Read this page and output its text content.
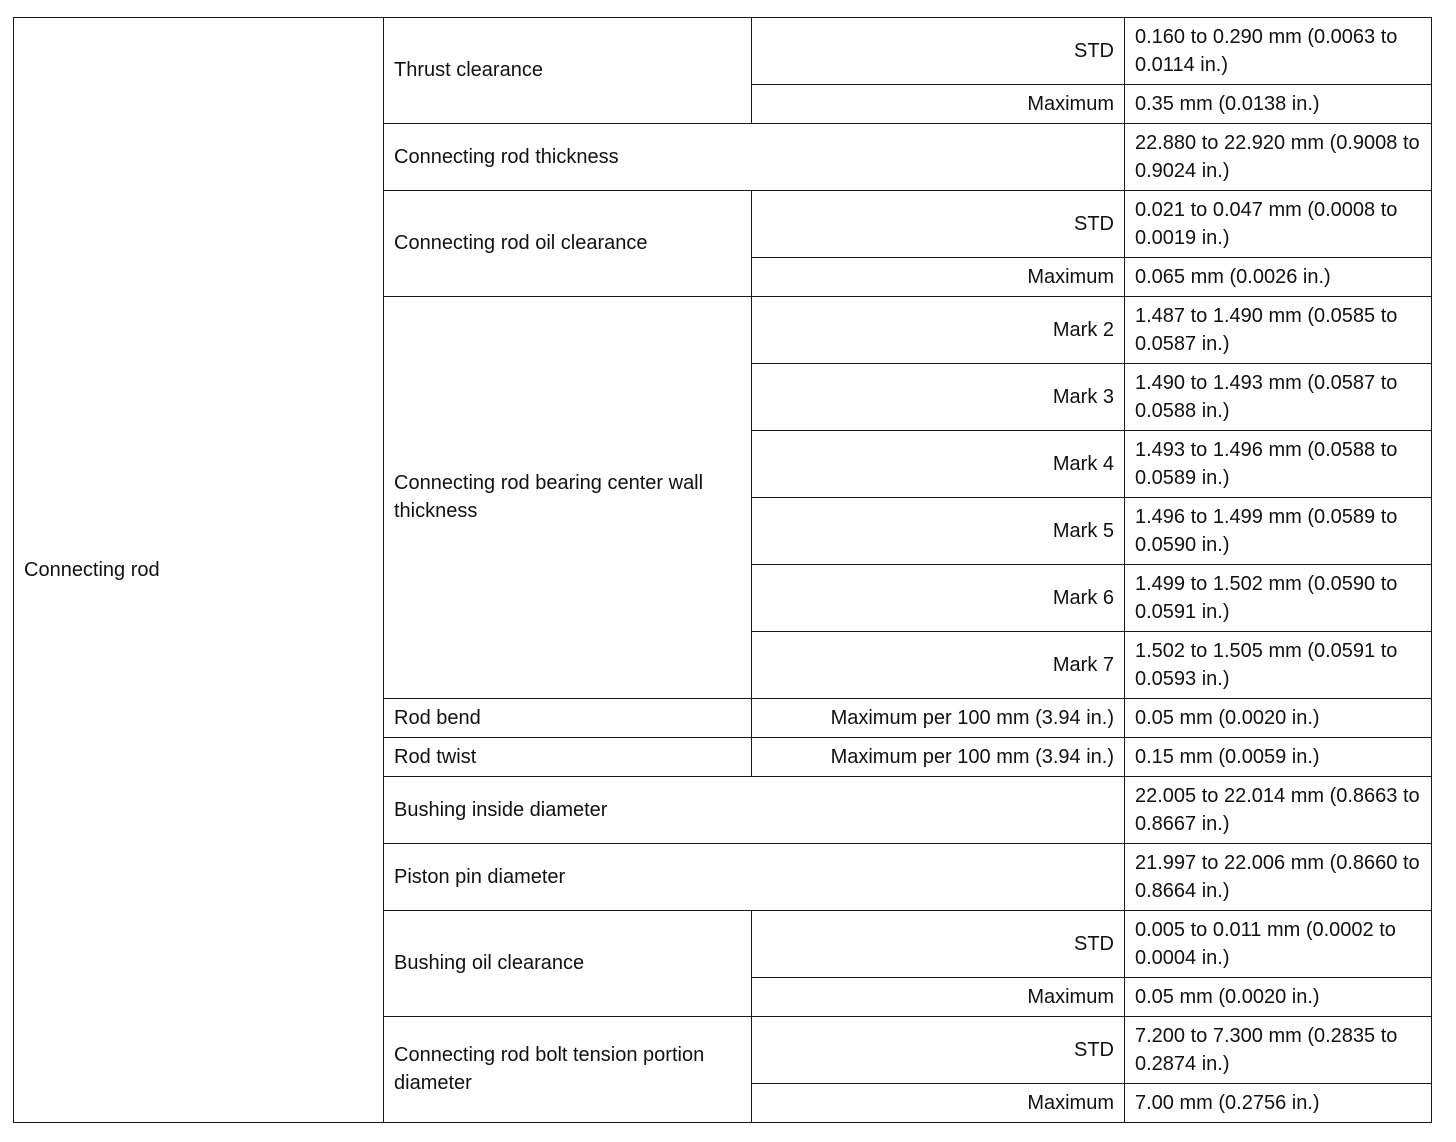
Connecting rod	Thrust clearance	STD	0.160 to 0.290 mm (0.0063 to 0.0114 in.)
		Maximum	0.35 mm (0.0138 in.)
	Connecting rod thickness		22.880 to 22.920 mm (0.9008 to 0.9024 in.)
	Connecting rod oil clearance	STD	0.021 to 0.047 mm (0.0008 to 0.0019 in.)
		Maximum	0.065 mm (0.0026 in.)
	Connecting rod bearing center wall thickness	Mark 2	1.487 to 1.490 mm (0.0585 to 0.0587 in.)
		Mark 3	1.490 to 1.493 mm (0.0587 to 0.0588 in.)
		Mark 4	1.493 to 1.496 mm (0.0588 to 0.0589 in.)
		Mark 5	1.496 to 1.499 mm (0.0589 to 0.0590 in.)
		Mark 6	1.499 to 1.502 mm (0.0590 to 0.0591 in.)
		Mark 7	1.502 to 1.505 mm (0.0591 to 0.0593 in.)
	Rod bend	Maximum per 100 mm (3.94 in.)	0.05 mm (0.0020 in.)
	Rod twist	Maximum per 100 mm (3.94 in.)	0.15 mm (0.0059 in.)
	Bushing inside diameter		22.005 to 22.014 mm (0.8663 to 0.8667 in.)
	Piston pin diameter		21.997 to 22.006 mm (0.8660 to 0.8664 in.)
	Bushing oil clearance	STD	0.005 to 0.011 mm (0.0002 to 0.0004 in.)
		Maximum	0.05 mm (0.0020 in.)
	Connecting rod bolt tension portion diameter	STD	7.200 to 7.300 mm (0.2835 to 0.2874 in.)
		Maximum	7.00 mm (0.2756 in.)
